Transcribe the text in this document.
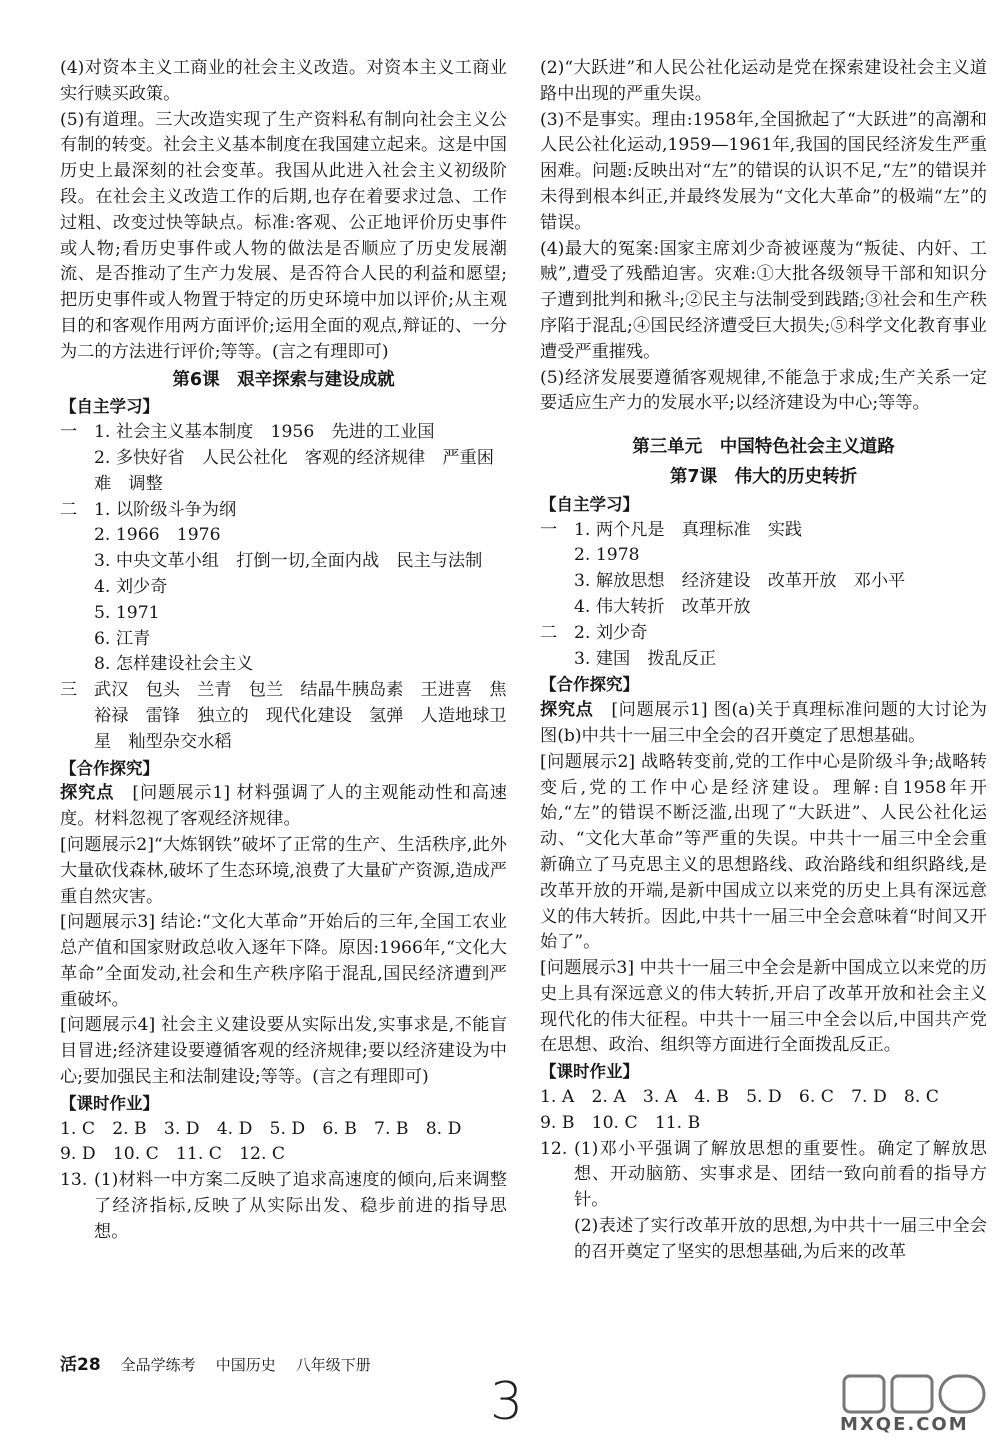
(4)对资本主义工商业的社会主义改造。对资本主义工商业实行赎买政策。

(5)有道理。三大改造实现了生产资料私有制向社会主义公有制的转变。社会主义基本制度在我国建立起来。这是中国历史上最深刻的社会变革。我国从此进入社会主义初级阶段。在社会主义改造工作的后期,也存在着要求过急、工作过粗、改变过快等缺点。标准:客观、公正地评价历史事件或人物;看历史事件或人物的做法是否顺应了历史发展潮流、是否推动了生产力发展、是否符合人民的利益和愿望;把历史事件或人物置于特定的历史环境中加以评价;从主观目的和客观作用两方面评价;运用全面的观点,辩证的、一分为二的方法进行评价;等等。(言之有理即可)

第6课　艰辛探索与建设成就

【自主学习】

一 1. 社会主义基本制度　1956　先进的工业国
2. 多快好省　人民公社化　客观的经济规律　严重困难　调整
二 1. 以阶级斗争为纲
2. 1966　1976
3. 中央文革小组　打倒一切,全面内战　民主与法制
4. 刘少奇
5. 1971
6. 江青
8. 怎样建设社会主义
三 武汉　包头　兰青　包兰　结晶牛胰岛素　王进喜　焦裕禄　雷锋　独立的　现代化建设　氢弹　人造地球卫星　籼型杂交水稻

【合作探究】

探究点　[问题展示1] 材料强调了人的主观能动性和高速度。材料忽视了客观经济规律。

[问题展示2]“大炼钢铁”破坏了正常的生产、生活秩序,此外大量砍伐森林,破坏了生态环境,浪费了大量矿产资源,造成严重自然灾害。

[问题展示3] 结论:“文化大革命”开始后的三年,全国工农业总产值和国家财政总收入逐年下降。原因:1966年,“文化大革命”全面发动,社会和生产秩序陷于混乱,国民经济遭到严重破坏。

[问题展示4] 社会主义建设要从实际出发,实事求是,不能盲目冒进;经济建设要遵循客观的经济规律;要以经济建设为中心;要加强民主和法制建设;等等。(言之有理即可)

【课时作业】

1. C　2. B　3. D　4. D　5. D　6. B　7. B　8. D

9. D　10. C　11. C　12. C

13. (1)材料一中方案二反映了追求高速度的倾向,后来调整了经济指标,反映了从实际出发、稳步前进的指导思想。

(2)“大跃进”和人民公社化运动是党在探索建设社会主义道路中出现的严重失误。

(3)不是事实。理由:1958年,全国掀起了“大跃进”的高潮和人民公社化运动,1959—1961年,我国的国民经济发生严重困难。问题:反映出对“左”的错误的认识不足,“左”的错误并未得到根本纠正,并最终发展为“文化大革命”的极端“左”的错误。

(4)最大的冤案:国家主席刘少奇被诬蔑为“叛徒、内奸、工贼”,遭受了残酷迫害。灾难:①大批各级领导干部和知识分子遭到批判和揪斗;②民主与法制受到践踏;③社会和生产秩序陷于混乱;④国民经济遭受巨大损失;⑤科学文化教育事业遭受严重摧残。

(5)经济发展要遵循客观规律,不能急于求成;生产关系一定要适应生产力的发展水平;以经济建设为中心;等等。

第三单元　中国特色社会主义道路

第7课　伟大的历史转折

【自主学习】

一 1. 两个凡是　真理标准　实践
2. 1978
3. 解放思想　经济建设　改革开放　邓小平
4. 伟大转折　改革开放
二 2. 刘少奇
3. 建国　拨乱反正

【合作探究】

探究点　[问题展示1] 图(a)关于真理标准问题的大讨论为图(b)中共十一届三中全会的召开奠定了思想基础。

[问题展示2] 战略转变前,党的工作中心是阶级斗争;战略转变后,党的工作中心是经济建设。理解:自1958年开始,“左”的错误不断泛滥,出现了“大跃进”、人民公社化运动、“文化大革命”等严重的失误。中共十一届三中全会重新确立了马克思主义的思想路线、政治路线和组织路线,是改革开放的开端,是新中国成立以来党的历史上具有深远意义的伟大转折。因此,中共十一届三中全会意味着“时间又开始了”。

[问题展示3] 中共十一届三中全会是新中国成立以来党的历史上具有深远意义的伟大转折,开启了改革开放和社会主义现代化的伟大征程。中共十一届三中全会以后,中国共产党在思想、政治、组织等方面进行全面拨乱反正。

【课时作业】

1. A　2. A　3. A　4. B　5. D　6. C　7. D　8. C

9. B　10. C　11. B

12. (1)邓小平强调了解放思想的重要性。确定了解放思想、开动脑筋、实事求是、团结一致向前看的指导方针。

(2)表述了实行改革开放的思想,为中共十一届三中全会的召开奠定了坚实的思想基础,为后来的改革

活28 全品学练考 中国历史 八年级下册
3	MXQE.COM
